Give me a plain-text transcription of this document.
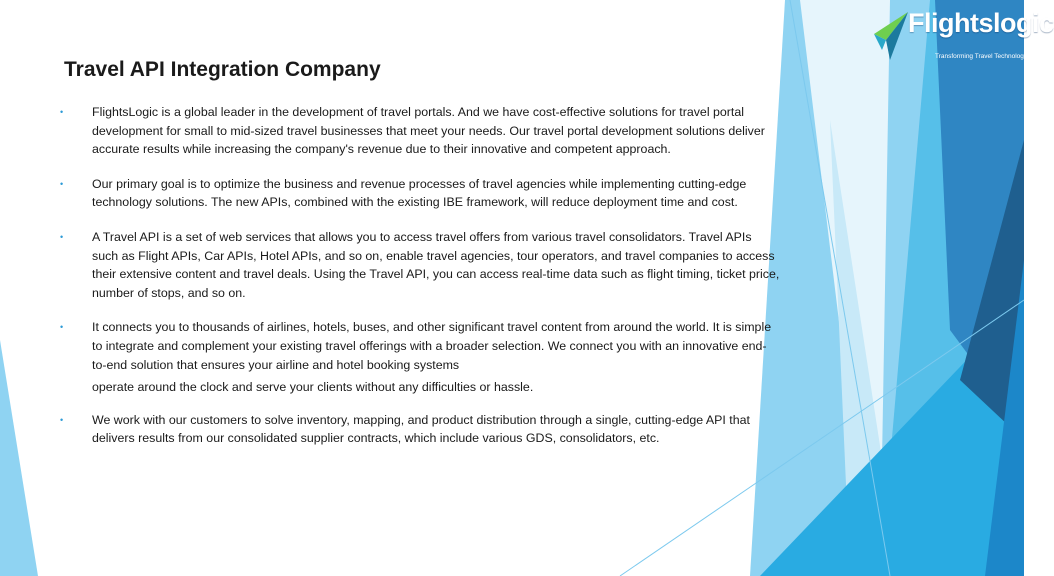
Flightslogic
Transforming Travel Technology
Travel API Integration Company
• FlightsLogic is a global leader in the development of travel portals. And we have cost-effective solutions for travel portal development for small to mid-sized travel businesses that meet your needs. Our travel portal development solutions deliver accurate results while increasing the company's revenue due to their innovative and competent approach.
• Our primary goal is to optimize the business and revenue processes of travel agencies while implementing cutting-edge technology solutions. The new APIs, combined with the existing IBE framework, will reduce deployment time and cost.
• A Travel API is a set of web services that allows you to access travel offers from various travel consolidators. Travel APIs such as Flight APIs, Car APIs, Hotel APIs, and so on, enable travel agencies, tour operators, and travel companies to access their extensive content and travel deals. Using the Travel API, you can access real-time data such as flight timing, ticket price, number of stops, and so on.
• It connects you to thousands of airlines, hotels, buses, and other significant travel content from around the world. It is simple to integrate and complement your existing travel offerings with a broader selection. We connect you with an innovative end-to-end solution that ensures your airline and hotel booking systems
operate around the clock and serve your clients without any difficulties or hassle.
• We work with our customers to solve inventory, mapping, and product distribution through a single, cutting-edge API that delivers results from our consolidated supplier contracts, which include various GDS, consolidators, etc.
